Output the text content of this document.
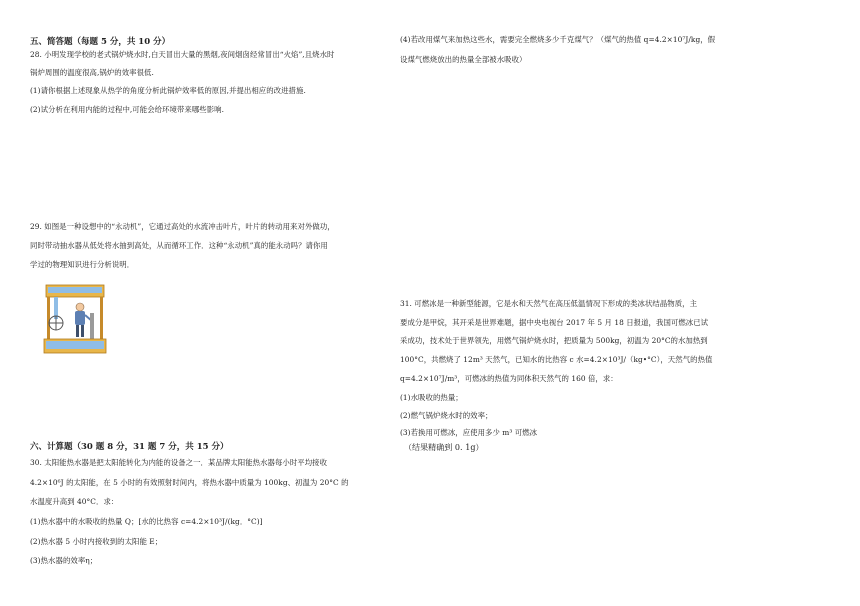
五、简答题（每题 5 分，共 10 分）
28. 小明发现学校的老式锅炉烧水时,白天冒出大量的黑烟,夜间烟囱经常冒出“火焰”,且烧水时
锅炉周围的温度很高,锅炉的效率很低.
(1)请你根据上述现象从热学的角度分析此锅炉效率低的原因,并提出相应的改进措施.
(2)试分析在利用内能的过程中,可能会给环境带来哪些影响.
29. 如图是一种设想中的“永动机”，它通过高处的水流冲击叶片，叶片的转动用来对外做功，
同时带动抽水器从低处将水抽到高处，从而循环工作．这种“永动机”真的能永动吗？请你用
学过的物理知识进行分析说明．
六、计算题（30 题 8 分，31 题 7 分，共 15 分）
30. 太阳能热水器是把太阳能转化为内能的设备之一．某品牌太阳能热水器每小时平均接收
4.2×10⁶J 的太阳能，在 5 小时的有效照射时间内，将热水器中质量为 100kg、初温为 20°C 的
水温度升高到 40°C．求：
(1)热水器中的水吸收的热量 Q；[水的比热容 c=4.2×10³J/(kg．°C)]
(2)热水器 5 小时内接收到的太阳能 E；
(3)热水器的效率η；
(4)若改用煤气来加热这些水，需要完全燃烧多少千克煤气？（煤气的热值 q=4.2×10⁷J/kg，假
设煤气燃烧放出的热量全部被水吸收）
31. 可燃冰是一种新型能源，它是水和天然气在高压低温情况下形成的类冰状结晶物质，主
要成分是甲烷，其开采是世界难题，据中央电视台 2017 年 5 月 18 日报道，我国可燃冰已试
采成功，技术处于世界领先，用燃气锅炉烧水时，把质量为 500kg，初温为 20°C的水加热到
100°C，共燃烧了 12m³ 天然气，已知水的比热容 c 水=4.2×10³J/（kg•°C），天然气的热值
q=4.2×10⁷J/m³，可燃冰的热值为同体积天然气的 160 倍，求：
(1)水吸收的热量；
(2)燃气锅炉烧水时的效率；
(3)若换用可燃冰，应使用多少 m³ 可燃冰
（结果精确到 0. 1g）
